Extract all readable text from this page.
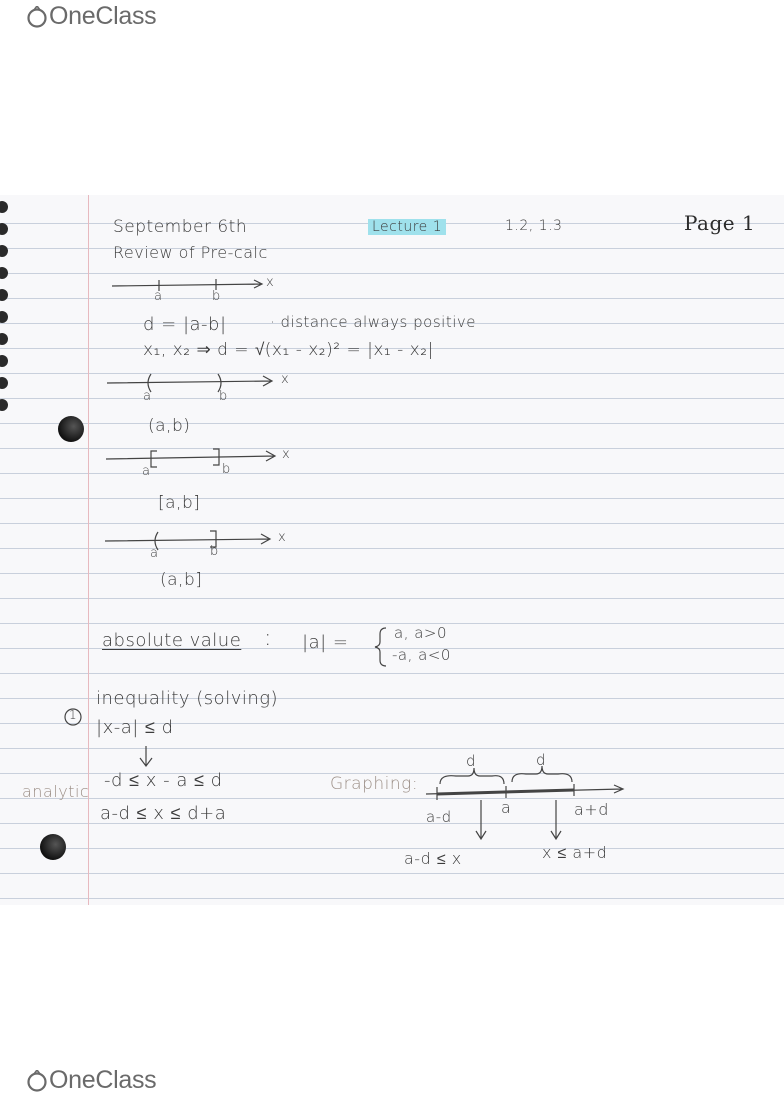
OneClass
September 6th	Lecture 1	1.2, 1.3	Page 1
Review of Pre-calc
a	b
x
d = |a-b|	· distance always positive
x₁, x₂ ⇒ d = √(x₁ - x₂)² = |x₁ - x₂|
a	b
x
(a,b)
a	b
x
[a,b]
a	b
x
(a,b]
absolute value : |a| =	a, a>0
-a, a<0
1
inequality (solving)
|x-a| ≤ d
analytic
-d ≤ x - a ≤ d
a-d ≤ x ≤ d+a
Graphing:
d	d
a-d	a	a+d
a-d ≤ x	x ≤ a+d
OneClass
